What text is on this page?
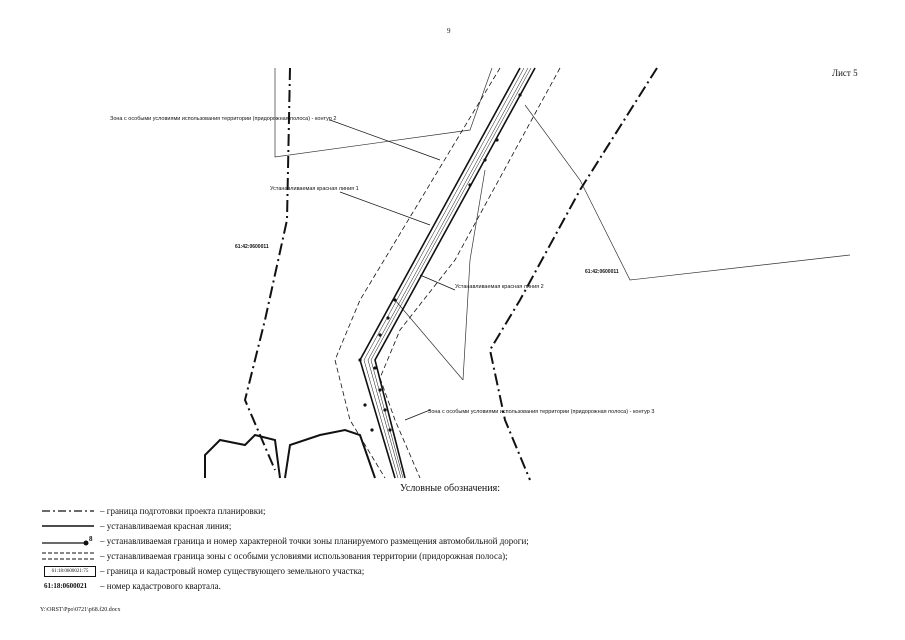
9
Лист 5
Зона с особыми условиями использования территории (придорожная полоса) - контур 2
Устанавливаемая красная линия 1
Устанавливаемая красная линия 2
Зона с особыми условиями использования территории (придорожная полоса) - контур 3
61:42:0600011
61:42:0600011
Условные обозначения:
– граница подготовки проекта планировки;
– устанавливаемая красная линия;
8 – устанавливаемая граница и номер характерной точки зоны планируемого размещения автомобильной дороги;
– устанавливаемая граница зоны с особыми условиями использования территории (придорожная полоса);
61:18:0600021:75	– граница и кадастровый номер существующего земельного участка;
61:18:0600021 – номер кадастрового квартала.
Y:\ORST\Ppo\0721\p68.f20.docx
